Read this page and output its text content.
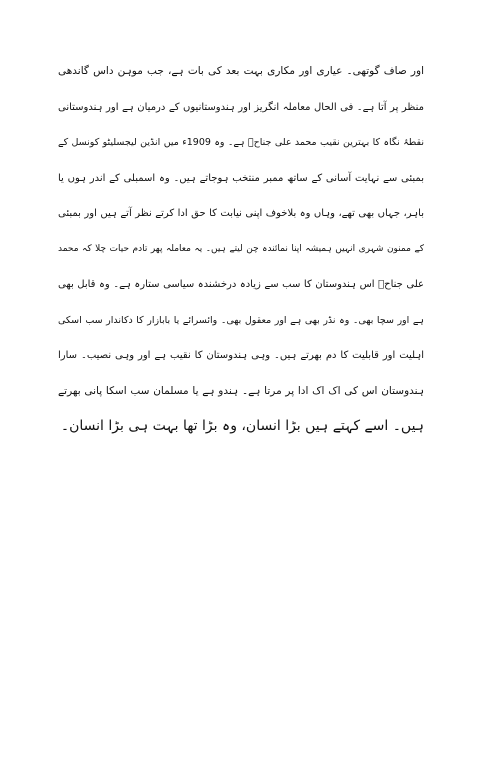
اور صاف گوتھی۔ عیاری اور مکاری بہت بعد کی بات ہے، جب موہن داس گاندھی
منظر پر آتا ہے۔ فی الحال معاملہ انگریز اور ہندوستانیوں کے درمیان ہے اور ہندوستانی
نقطۂ نگاہ کا بہترین نقیب محمد علی جناحؒ ہے۔ وہ 1909ء میں انڈین لیجسلیٹو کونسل کے
بمبئی سے نہایت آسانی کے ساتھ ممبر منتخب ہوجاتے ہیں۔ وہ اسمبلی کے اندر ہوں یا
باہر، جہاں بھی تھے، وہاں وہ بلاخوف اپنی نیابت کا حق ادا کرتے نظر آتے ہیں اور بمبئی
کے ممنون شہری انہیں ہمیشہ اپنا نمائندہ چن لیتے ہیں۔ یہ معاملہ پھر تادم حیات چلا کہ محمد
علی جناحؒ اس ہندوستان کا سب سے زیادہ درخشندہ سیاسی ستارہ ہے۔ وہ قابل بھی
ہے اور سچا بھی۔ وہ نڈر بھی ہے اور معقول بھی۔ وائسرائے یا بابازار کا دکاندار سب اسکی
اہلیت اور قابلیت کا دم بھرتے ہیں۔ وہی ہندوستان کا نقیب ہے اور وہی نصیب۔ سارا
ہندوستان اس کی اک اک ادا پر مرتا ہے۔ ہندو ہے یا مسلمان سب اسکا پانی بھرتے
ہیں۔ اسے کہتے ہیں بڑا انسان، وہ بڑا تھا بہت ہی بڑا انسان۔
